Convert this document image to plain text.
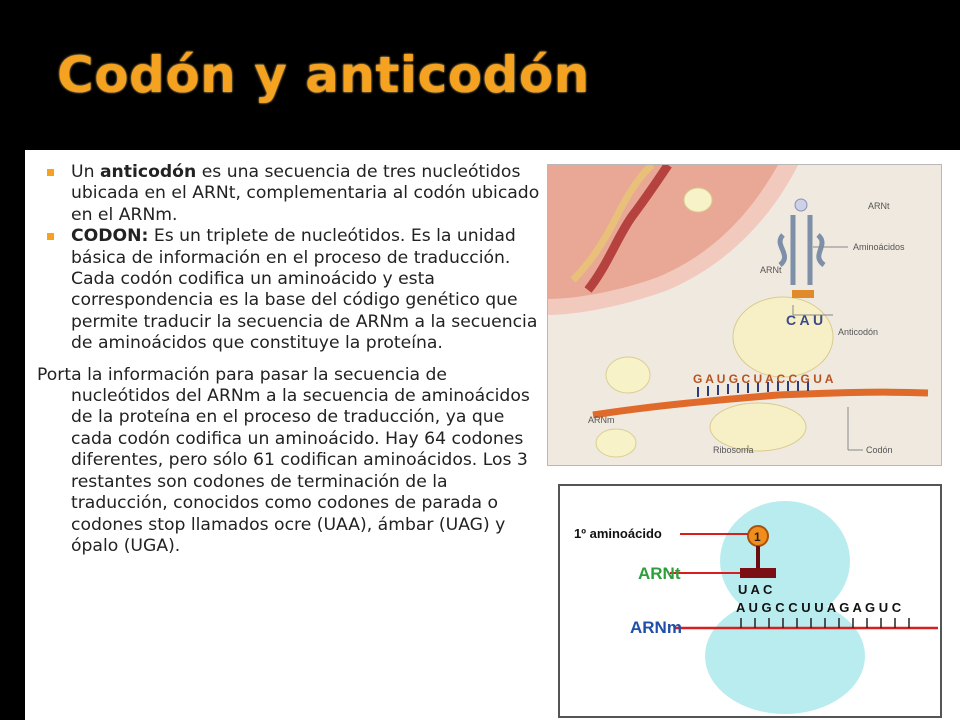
Codón y anticodón

Un anticodón es una secuencia de tres nucleótidos ubicada en el ARNt, complementaria al codón ubicado en el ARNm.

CODON: Es un triplete de nucleótidos. Es la unidad básica de información en el proceso de traducción. Cada codón codifica un aminoácido y esta correspondencia es la base del código genético que permite traducir la secuencia de ARNm a la secuencia de aminoácidos que constituye la proteína.

Porta la información para pasar la secuencia de nucleótidos del ARNm a la secuencia de aminoácidos de la proteína en el proceso de traducción, ya que cada codón codifica un aminoácido. Hay 64 codones diferentes, pero sólo 61 codifican aminoácidos. Los 3 restantes son codones de terminación de la traducción, conocidos como codones de parada o codones stop llamados ocre (UAA), ámbar (UAG) y ópalo (UGA).

ARNt
Aminoácidos
ARNt
C A U
Anticodón
G A U G C U A C C G U A
ARNm
Ribosoma	Codón
1
1º aminoácido
ARNt
ARNm
U A C
A U G C C U U A G A G U C
